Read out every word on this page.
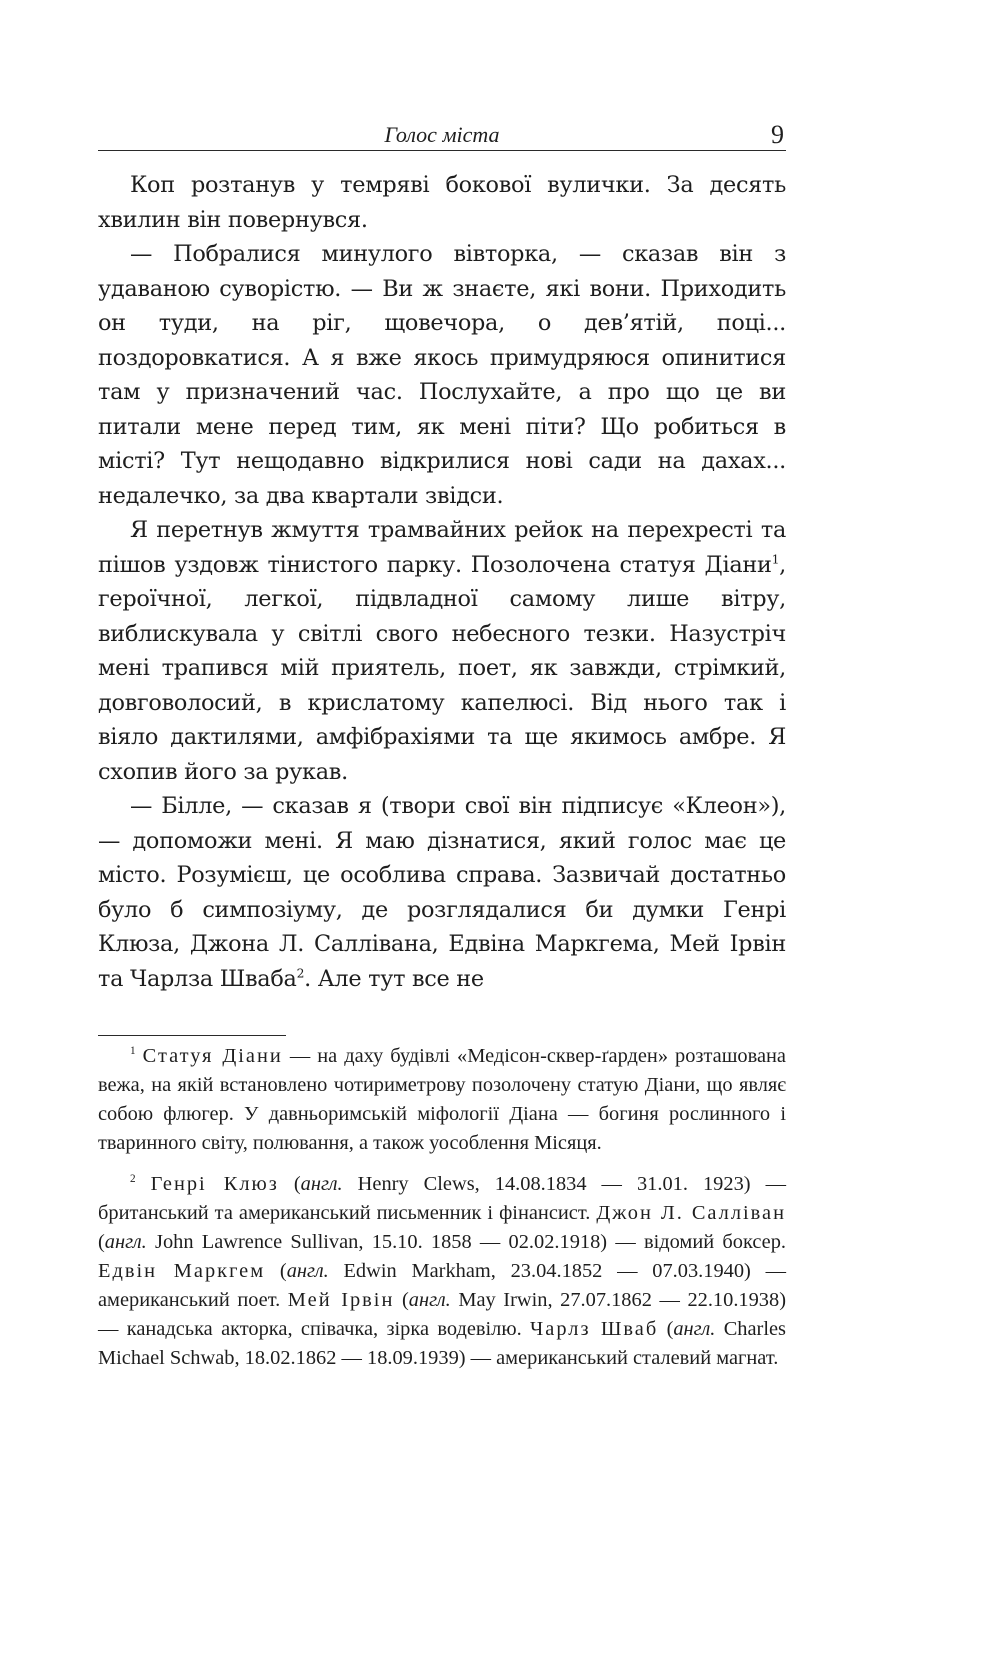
Голос міста	9

Коп розтанув у темряві бокової вулички. За десять хвилин він повернувся.

— Побралися минулого вівторка, — сказав він з удаваною суворістю. — Ви ж знаєте, які вони. Приходить он туди, на ріг, щовечора, о дев’ятій, поці... поздоровкатися. А я вже якось примудряюся опинитися там у призначений час. Послухайте, а про що це ви питали мене перед тим, як мені піти? Що робиться в місті? Тут нещодавно відкрилися нові сади на дахах... недалечко, за два квартали звідси.

Я перетнув жмуття трамвайних рейок на перехресті та пішов уздовж тінистого парку. Позолочена статуя Діани$^1$, героїчної, легкої, підвладної самому лише вітру, виблискувала у світлі свого небесного тезки. Назустріч мені трапився мій приятель, поет, як завжди, стрімкий, довговолосий, в крислатому капелюсі. Від нього так і віяло дактилями, амфібрахіями та ще якимось амбре. Я схопив його за рукав.

— Білле, — сказав я (твори свої він підписує «Клеон»), — допоможи мені. Я маю дізнатися, який голос має це місто. Розумієш, це особлива справа. Зазвичай достатньо було б симпозіуму, де розглядалися би думки Генрі Клюза, Джона Л. Саллівана, Едвіна Маркгема, Мей Ірвін та Чарлза Шваба$^2$. Але тут все не

$^1$ Статуя Діани — на даху будівлі «Медісон-сквер-ґарден» розташована вежа, на якій встановлено чотириметрову позолочену статую Діани, що являє собою флюгер. У давньоримській міфології Діана — богиня рослинного і тваринного світу, полювання, а також уособлення Місяця.

$^2$ Генрі Клюз (англ. Henry Clews, 14.08.1834 — 31.01. 1923) — британський та американський письменник і фінансист. Джон Л. Салліван (англ. John Lawrence Sullivan, 15.10. 1858 — 02.02.1918) — відомий боксер. Едвін Маркгем (англ. Edwin Markham, 23.04.1852 — 07.03.1940) — американський поет. Мей Ірвін (англ. May Irwin, 27.07.1862 — 22.10.1938) — канадська акторка, співачка, зірка водевілю. Чарлз Шваб (англ. Charles Michael Schwab, 18.02.1862 — 18.09.1939) — американський сталевий магнат.
